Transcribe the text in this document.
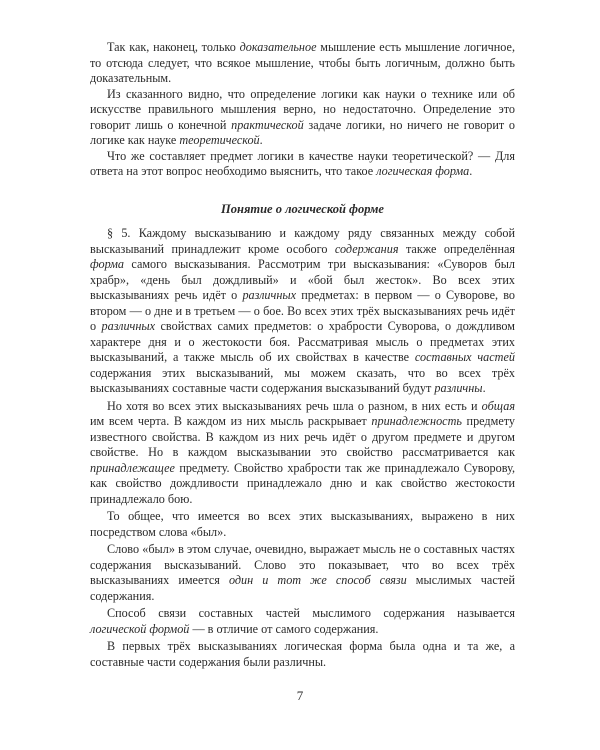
Так как, наконец, только доказательное мышление есть мышление логичное, то отсюда следует, что всякое мышление, чтобы быть логичным, должно быть доказательным.

Из сказанного видно, что определение логики как науки о технике или об искусстве правильного мышления верно, но недостаточно. Определение это говорит лишь о конечной практической задаче логики, но ничего не говорит о логике как науке теоретической.

Что же составляет предмет логики в качестве науки теоретической? — Для ответа на этот вопрос необходимо выяснить, что такое логическая форма.

Понятие о логической форме

§ 5. Каждому высказыванию и каждому ряду связанных между собой высказываний принадлежит кроме особого содержания также определённая форма самого высказывания. Рассмотрим три высказывания: «Суворов был храбр», «день был дождливый» и «бой был жесток». Во всех этих высказываниях речь идёт о различных предметах: в первом — о Суворове, во втором — о дне и в третьем — о бое. Во всех этих трёх высказываниях речь идёт о различных свойствах самих предметов: о храбрости Суворова, о дождливом характере дня и о жестокости боя. Рассматривая мысль о предметах этих высказываний, а также мысль об их свойствах в качестве составных частей содержания этих высказываний, мы можем сказать, что во всех трёх высказываниях составные части содержания высказываний будут различны.

Но хотя во всех этих высказываниях речь шла о разном, в них есть и общая им всем черта. В каждом из них мысль раскрывает принадлежность предмету известного свойства. В каждом из них речь идёт о другом предмете и другом свойстве. Но в каждом высказывании это свойство рассматривается как принадлежащее предмету. Свойство храбрости так же принадлежало Суворову, как свойство дождливости принадлежало дню и как свойство жестокости принадлежало бою.

То общее, что имеется во всех этих высказываниях, выражено в них посредством слова «был».

Слово «был» в этом случае, очевидно, выражает мысль не о составных частях содержания высказываний. Слово это показывает, что во всех трёх высказываниях имеется один и тот же способ связи мыслимых частей содержания.

Способ связи составных частей мыслимого содержания называется логической формой — в отличие от самого содержания.

В первых трёх высказываниях логическая форма была одна и та же, а составные части содержания были различны.

7
